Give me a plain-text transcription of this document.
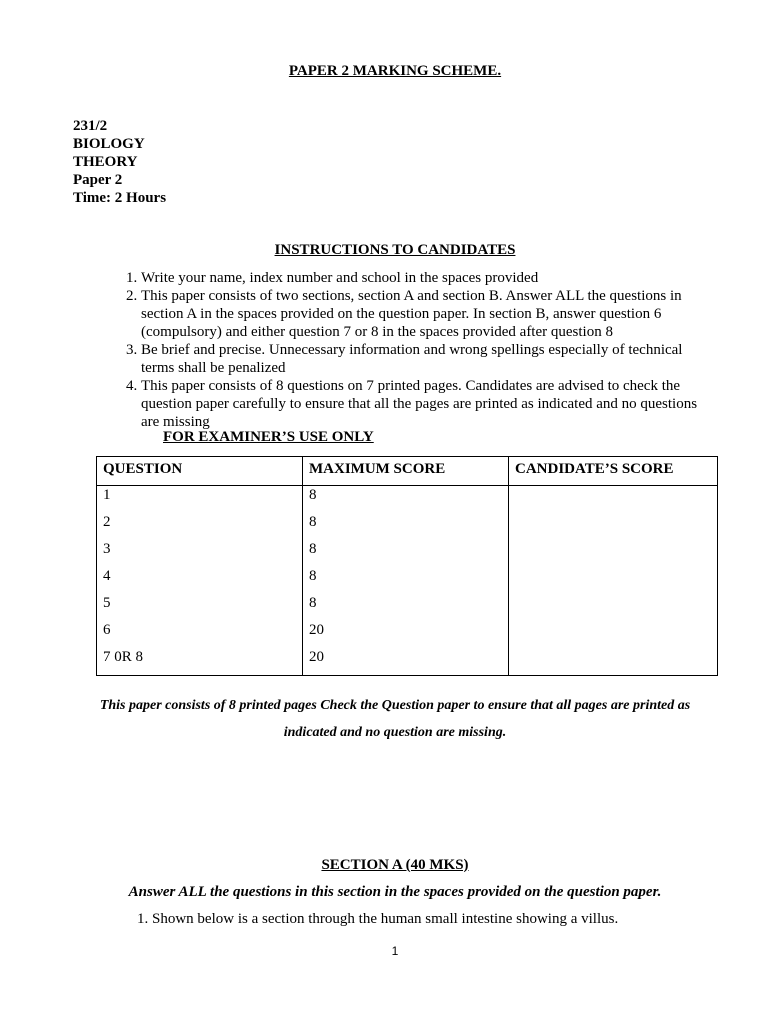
PAPER 2 MARKING SCHEME.
231/2
BIOLOGY
THEORY
Paper 2
Time: 2 Hours
INSTRUCTIONS TO CANDIDATES
1. Write your name, index number and school in the spaces provided
2. This paper consists of two sections, section A and section B. Answer ALL the questions in section A in the spaces provided on the question paper. In section B, answer question 6 (compulsory) and either question 7 or 8 in the spaces provided after question 8
3. Be brief and precise. Unnecessary information and wrong spellings especially of technical terms shall be penalized
4. This paper consists of 8 questions on 7 printed pages. Candidates are advised to check the question paper carefully to ensure that all the pages are printed as indicated and no questions are missing
FOR EXAMINER’S USE ONLY
QUESTION	MAXIMUM SCORE	CANDIDATE’S SCORE
1	8	
2	8	
3	8	
4	8	
5	8	
6	20	
7 0R 8	20	
This paper consists of 8 printed pages Check the Question paper to ensure that all pages are printed as indicated and no question are missing.
SECTION A (40 MKS)
Answer ALL the questions in this section in the spaces provided on the question paper.
1. Shown below is a section through the human small intestine showing a villus.
1
